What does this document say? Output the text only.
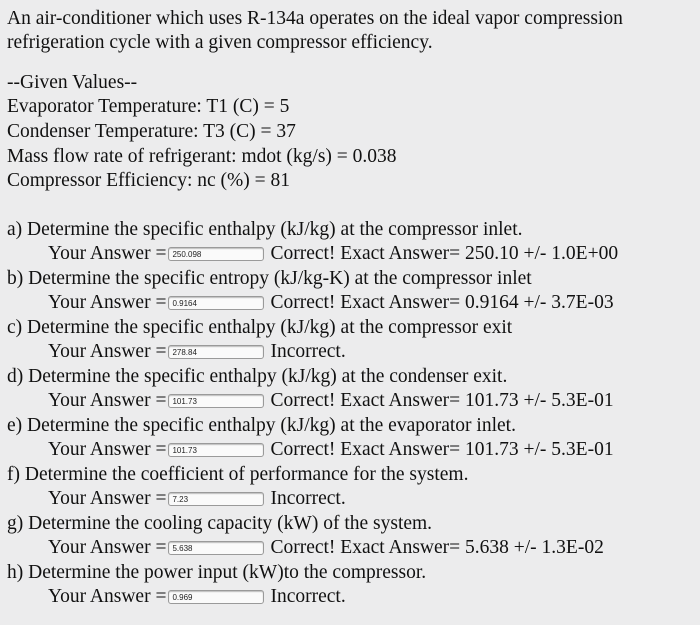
An air-conditioner which uses R-134a operates on the ideal vapor compression
refrigeration cycle with a given compressor efficiency.
--Given Values--
Evaporator Temperature: T1 (C) = 5
Condenser Temperature: T3 (C) = 37
Mass flow rate of refrigerant: mdot (kg/s) = 0.038
Compressor Efficiency: nc (%) = 81
a) Determine the specific enthalpy (kJ/kg) at the compressor inlet.
Your Answer = 250.098	Correct! Exact Answer= 250.10 +/- 1.0E+00
b) Determine the specific entropy (kJ/kg-K) at the compressor inlet
Your Answer = 0.9164	Correct! Exact Answer= 0.9164 +/- 3.7E-03
c) Determine the specific enthalpy (kJ/kg) at the compressor exit
Your Answer = 278.84	Incorrect.
d) Determine the specific enthalpy (kJ/kg) at the condenser exit.
Your Answer = 101.73	Correct! Exact Answer= 101.73 +/- 5.3E-01
e) Determine the specific enthalpy (kJ/kg) at the evaporator inlet.
Your Answer = 101.73	Correct! Exact Answer= 101.73 +/- 5.3E-01
f) Determine the coefficient of performance for the system.
Your Answer = 7.23	Incorrect.
g) Determine the cooling capacity (kW) of the system.
Your Answer = 5.638	Correct! Exact Answer= 5.638 +/- 1.3E-02
h) Determine the power input (kW)to the compressor.
Your Answer = 0.969	Incorrect.
